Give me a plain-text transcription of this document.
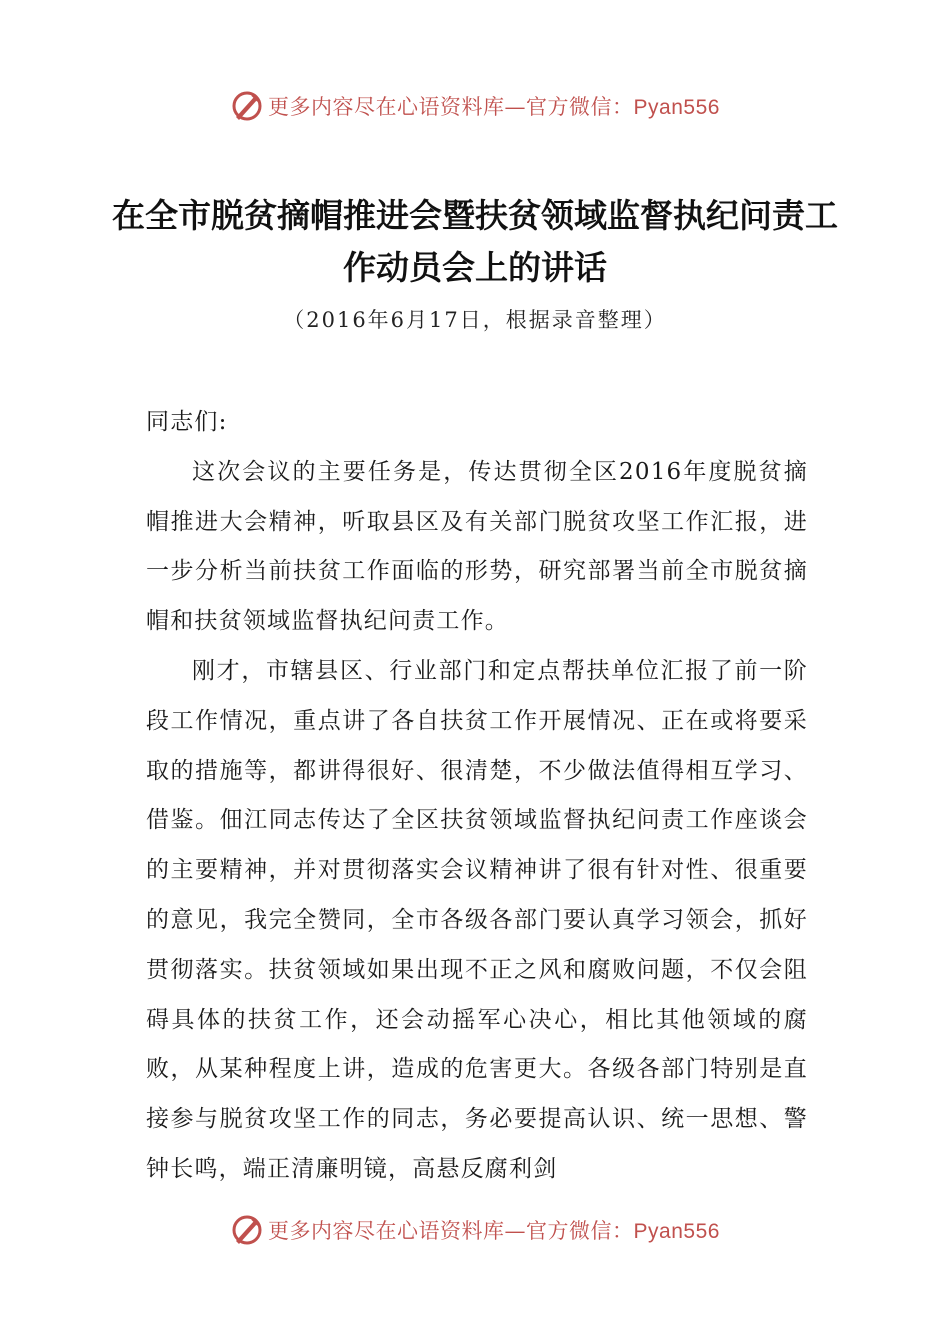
更多内容尽在心语资料库—官方微信：Pyan556
在全市脱贫摘帽推进会暨扶贫领域监督执纪问责工作动员会上的讲话
（2016年6月17日，根据录音整理）

同志们:

这次会议的主要任务是，传达贯彻全区2016年度脱贫摘帽推进大会精神，听取县区及有关部门脱贫攻坚工作汇报，进一步分析当前扶贫工作面临的形势，研究部署当前全市脱贫摘帽和扶贫领域监督执纪问责工作。

刚才，市辖县区、行业部门和定点帮扶单位汇报了前一阶段工作情况，重点讲了各自扶贫工作开展情况、正在或将要采取的措施等，都讲得很好、很清楚，不少做法值得相互学习、借鉴。佃江同志传达了全区扶贫领域监督执纪问责工作座谈会的主要精神，并对贯彻落实会议精神讲了很有针对性、很重要的意见，我完全赞同，全市各级各部门要认真学习领会，抓好贯彻落实。扶贫领域如果出现不正之风和腐败问题，不仅会阻碍具体的扶贫工作，还会动摇军心决心，相比其他领域的腐败，从某种程度上讲，造成的危害更大。各级各部门特别是直接参与脱贫攻坚工作的同志，务必要提高认识、统一思想、警钟长鸣，端正清廉明镜，高悬反腐利剑

更多内容尽在心语资料库—官方微信：Pyan556
